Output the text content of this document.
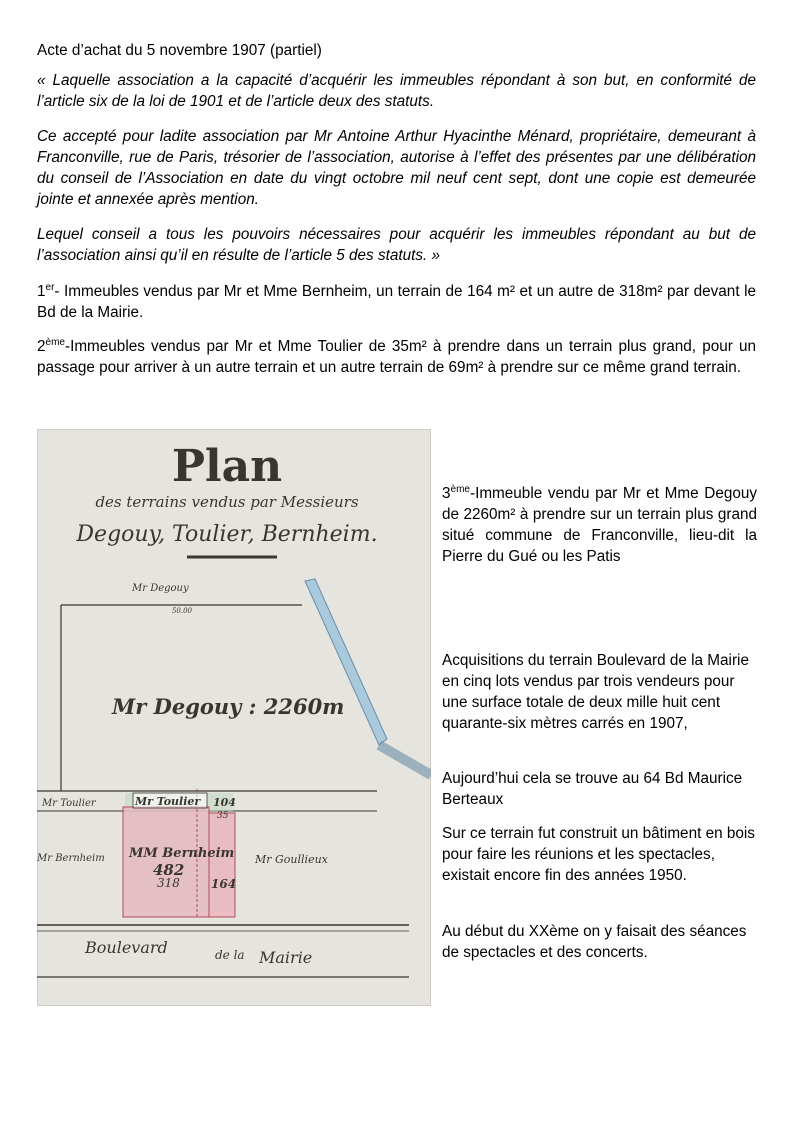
Acte d’achat du 5 novembre 1907 (partiel)

« Laquelle association a la capacité d’acquérir les immeubles répondant à son but, en conformité de l’article six de la loi de 1901 et de l’article deux des statuts.

Ce accepté pour ladite association par Mr Antoine Arthur Hyacinthe Ménard, propriétaire, demeurant à Franconville, rue de Paris, trésorier de l’association, autorise à l’effet des présentes par une délibération du conseil de l’Association en date du vingt octobre mil neuf cent sept, dont une copie est demeurée jointe et annexée après mention.

Lequel conseil a tous les pouvoirs nécessaires pour acquérir les immeubles répondant au but de l’association ainsi qu’il en résulte de l’article 5 des statuts. »

1er- Immeubles vendus par Mr et Mme Bernheim, un terrain de 164 m² et un autre de 318m² par devant le Bd de la Mairie.

2ème-Immeubles vendus par Mr et Mme Toulier de 35m² à prendre dans un terrain plus grand, pour un passage pour arriver à un autre terrain et un autre terrain de 69m² à prendre sur ce même grand terrain.

Plan
des terrains vendus par Messieurs
Degouy, Toulier, Bernheim.
Mr Degouy
50.00
Mr Degouy : 2260m
Mr Toulier	Mr Toulier 104
35
Mr Bernheim MM Bernheim
482
318	164
Mr Goullieux
Boulevard	de la Mairie

3ème-Immeuble vendu par Mr et Mme Degouy de 2260m² à prendre sur un terrain plus grand situé commune de Franconville, lieu-dit la Pierre du Gué ou les Patis

Acquisitions du terrain Boulevard de la Mairie en cinq lots vendus par trois vendeurs pour une surface totale de deux mille huit cent quarante-six mètres carrés en 1907,

Aujourd’hui cela se trouve au 64 Bd Maurice Berteaux

Sur ce terrain fut construit un bâtiment en bois pour faire les réunions et les spectacles, existait encore fin des années 1950.

Au début du XXème on y faisait des séances de spectacles et des concerts.
